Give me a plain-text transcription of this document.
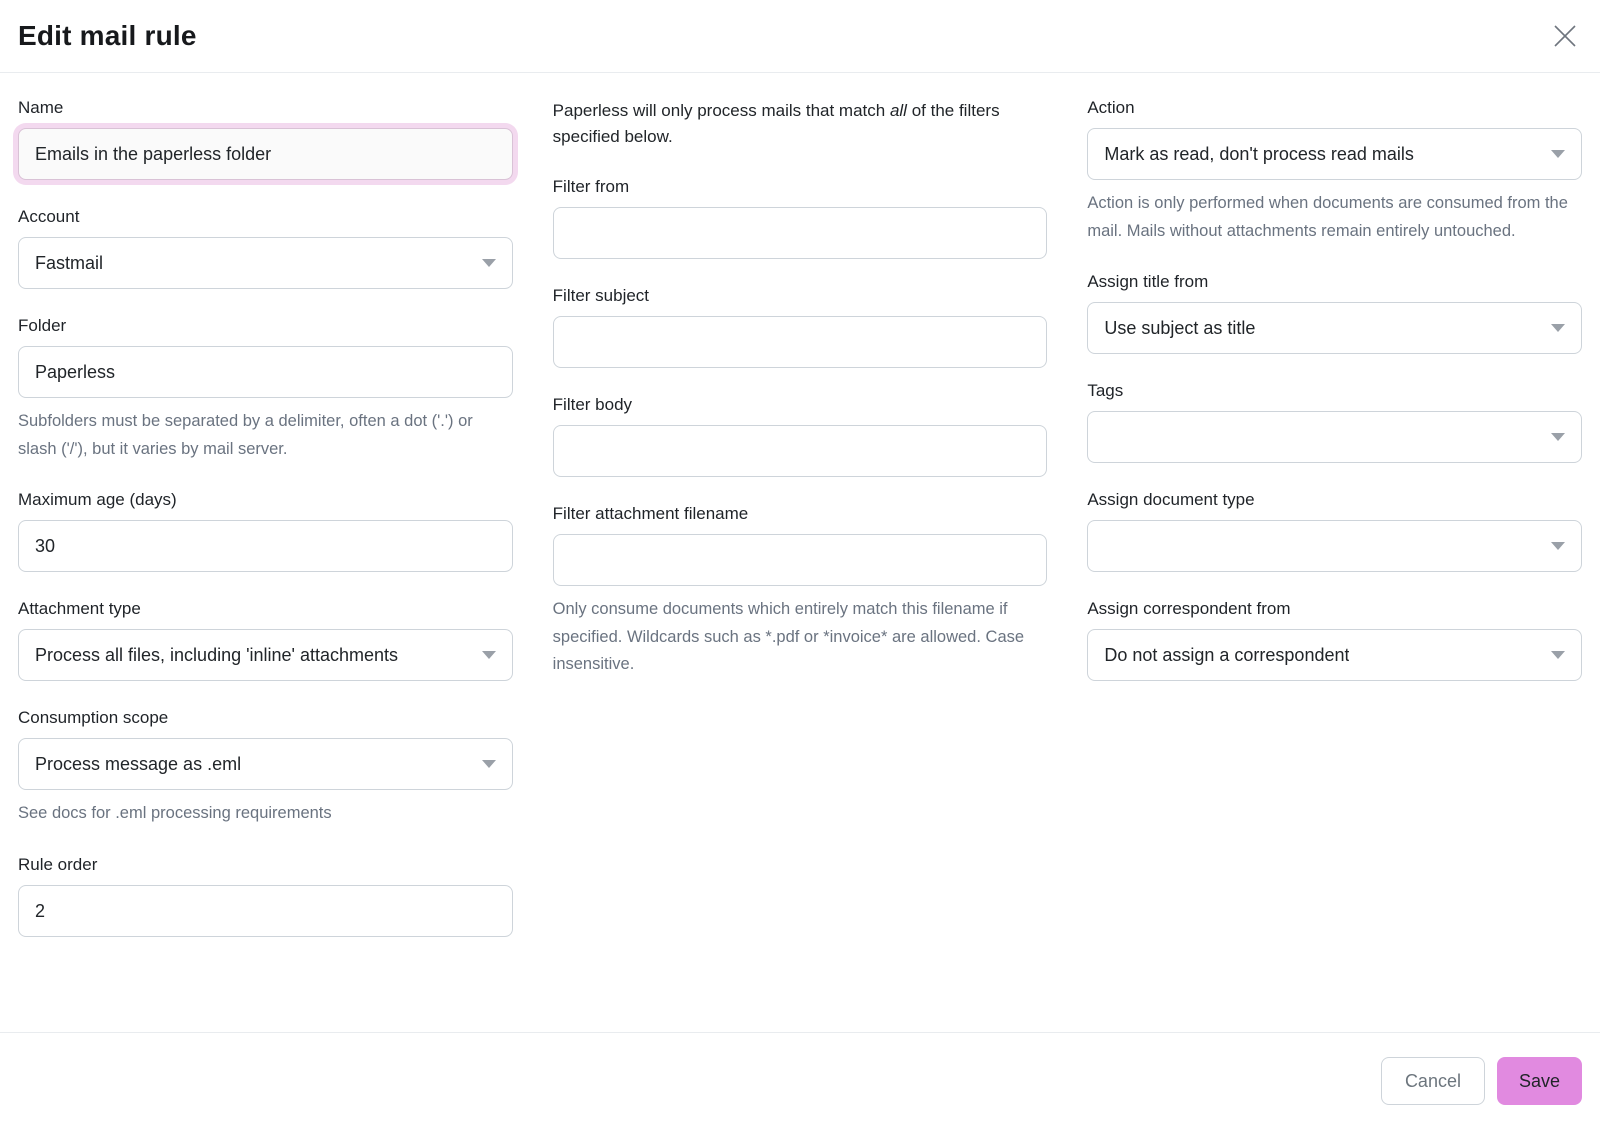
Edit mail rule
Name
Emails in the paperless folder
Account
Fastmail
Folder
Paperless
Subfolders must be separated by a delimiter, often a dot ('.') or slash ('/'), but it varies by mail server.
Maximum age (days)
30
Attachment type
Process all files, including 'inline' attachments
Consumption scope
Process message as .eml
See docs for .eml processing requirements
Rule order
2
Paperless will only process mails that match all of the filters specified below.
Filter from
Filter subject
Filter body
Filter attachment filename
Only consume documents which entirely match this filename if specified. Wildcards such as *.pdf or *invoice* are allowed. Case insensitive.
Action
Mark as read, don't process read mails
Action is only performed when documents are consumed from the mail. Mails without attachments remain entirely untouched.
Assign title from
Use subject as title
Tags
Assign document type
Assign correspondent from
Do not assign a correspondent
Cancel	Save
